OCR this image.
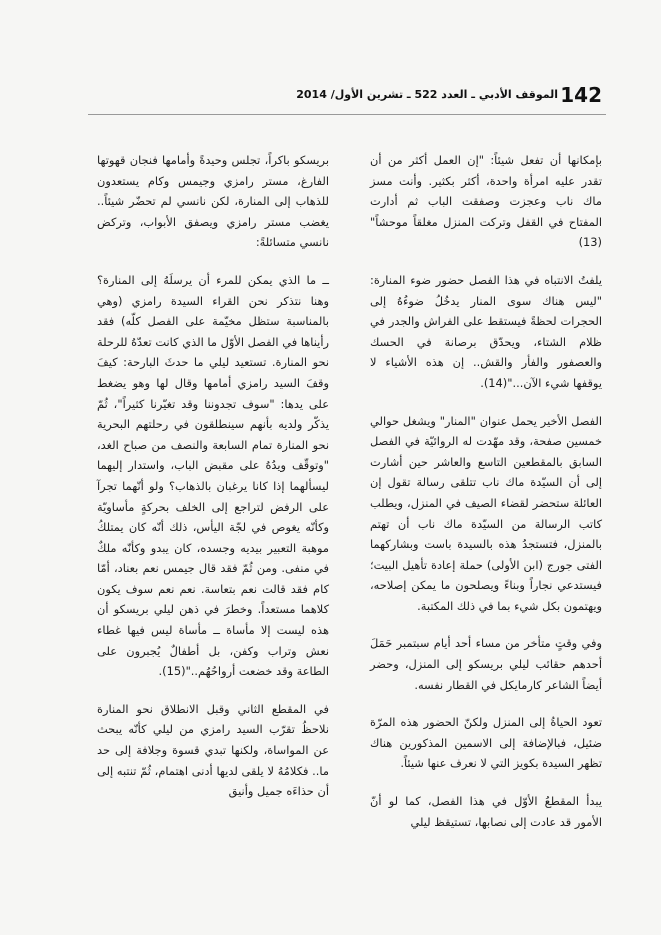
142
الموقف الأدبي ـ العدد 522 ـ تشرين الأول/ 2014

بإمكانها أن تفعل شيئاً: "إن العمل أكثر من أن تقدر عليه امرأة واحدة، أكثر بكثير. وأنت مسز ماك ناب وعجزت وصفقت الباب ثم أدارت المفتاح في القفل وتركت المنزل مغلقاً موحشاً"(13)

يلفتُ الانتباه في هذا الفصل حضور ضوء المنارة: "ليس هناك سوى المنار يدخُلُ ضوءُهُ إلى الحجرات لحظةً فيستقط على الفراش والجدر في ظلام الشتاء، ويحدّق برصانة في الحسك والعصفور والفأر والقش.. إن هذه الأشياء لا يوقفها شيء الآن..."(14).

الفصل الأخير يحمل عنوان "المنار" ويشغل حوالي خمسين صفحة، وقد مهّدت له الروائيّة في الفصل السابق بالمقطعين التاسع والعاشر حين أشارت إلى أن السيّدة ماك ناب تتلقى رسالة تقول إن العائلة ستحضر لقضاء الصيف في المنزل، ويطلب كاتب الرسالة من السيّدة ماك ناب أن تهتم بالمنزل، فتستجدُ هذه بالسيدة باست وبشاركهما الفتى جورج (ابن الأولى) حملة إعادة تأهيل البيت؛ فيستدعي نجاراً وبناءً ويصلحون ما يمكن إصلاحه، ويهتمون بكل شيء بما في ذلك المكتبة.

وفي وقتٍ متأخر من مساء أحد أيام سبتمبر حَمَلَ أحدهم حقائب ليلي بريسكو إلى المنزل، وحضر أيضاً الشاعر كارمايكل في القطار نفسه.

تعود الحياةُ إلى المنزل ولكنّ الحضور هذه المرّة ضئيل، فبالإضافة إلى الاسمين المذكورين هناك تظهر السيدة بكويز التي لا نعرف عنها شيئاً.

يبدأ المقطعُ الأوّل في هذا الفصل، كما لو أنّ الأمور قد عادت إلى نصابها، تستيقظ ليلي

بريسكو باكراً، تجلس وحيدةً وأمامها فنجان قهوتها الفارغ، مستر رامزي وجيمس وكام يستعدون للذهاب إلى المنارة، لكن نانسي لم تحضّر شيئاً.. يغضب مستر رامزي ويصفق الأبواب، وتركض نانسي متسائلةً:

ــ ما الذي يمكن للمرء أن يرسلَهُ إلى المنارة؟ وهنا نتذكر نحن القراء السيدة رامزي (وهي بالمناسبة ستظل مخيّمة على الفصل كلّه) فقد رأيناها في الفصل الأوّل ما الذي كانت تعدّهُ للرحلة نحو المنارة. تستعيد ليلي ما حدثَ البارحة: كيفَ وقفَ السيد رامزي أمامها وقال لها وهو يضغط على يدها: "سوف تجدوننا وقد تغيّرنا كثيراً"، ثُمّ يذكّر ولديه بأنهم سينطلقون في رحلتهم البحرية نحو المنارة تمام السابعة والنصف من صباح الغد، "وتوقّف ويدُهُ على مقبض الباب، واستدار إليهما ليسألهما إذا كانا يرغبان بالذهاب؟ ولو أنّهما تجرآ على الرفض لتراجع إلى الخلف بحركةٍ مأساويّة وكأنّه يغوص في لجّة اليأس، ذلك أنّه كان يمتلكُ موهبة التعبير بيديه وجسده، كان يبدو وكأنّه ملكٌ في منفى. ومن ثُمّ فقد قال جيمس نعم بعناد، أمّا كام فقد قالت نعم بتعاسة. نعم نعم سوف يكون كلاهما مستعداً. وخطرَ في ذهن ليلي بريسكو أن هذه ليست إلا مأساة ــ مأساة ليس فيها غطاء نعش وتراب وكفن، بل أطفالٌ يُجبرون على الطاعة وقد خضعت أرواحُهُم.."(15).

في المقطع الثاني وقبل الانطلاق نحو المنارة نلاحظُ تقرّب السيد رامزي من ليلي كأنّه يبحث عن المواساة، ولكنها تبدي قسوة وجلافة إلى حد ما.. فكلامُهُ لا يلقى لديها أدنى اهتمام، ثُمّ تنتبه إلى أن حذاءَه جميل وأنيق
